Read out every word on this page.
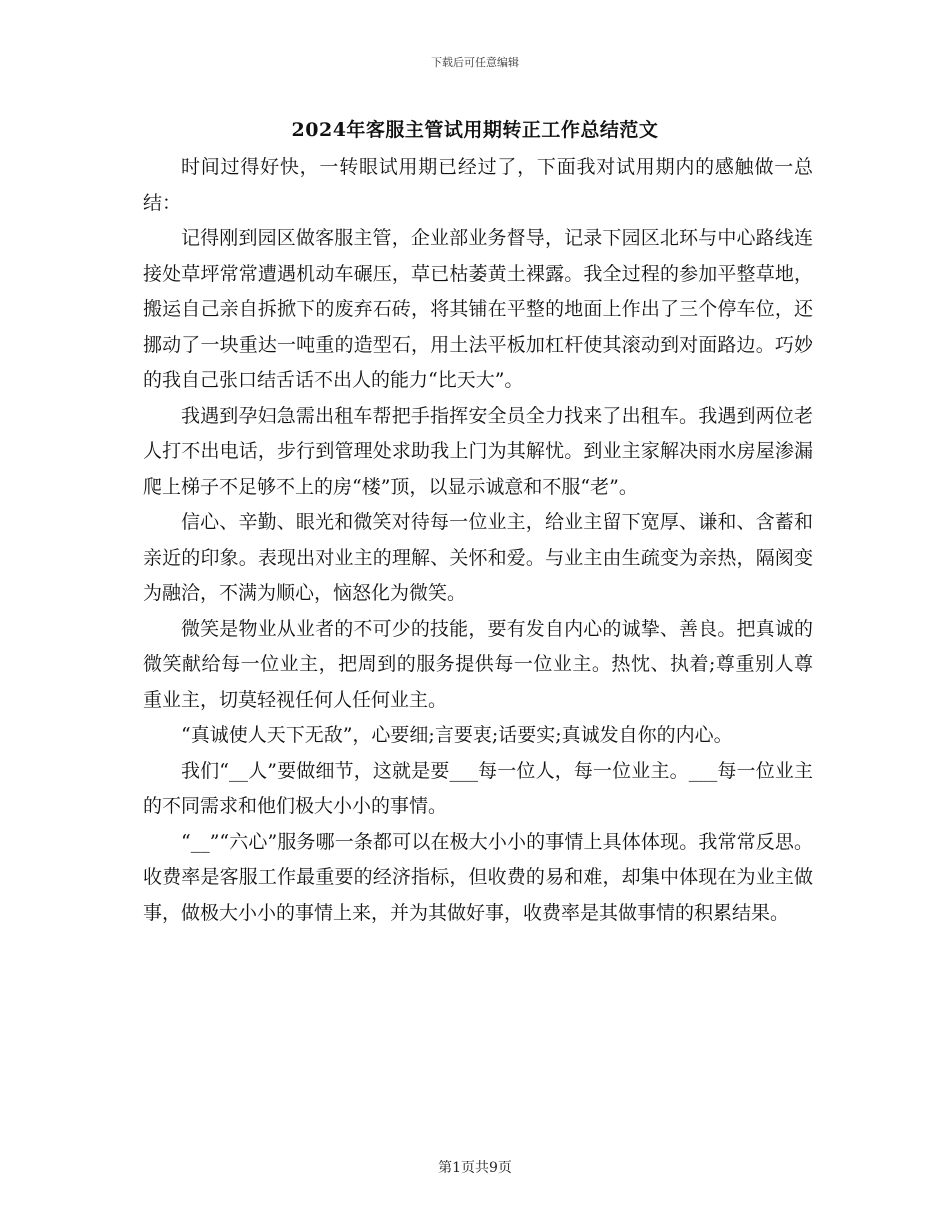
下载后可任意编辑
2024年客服主管试用期转正工作总结范文

时间过得好快，一转眼试用期已经过了，下面我对试用期内的感触做一总结：

记得刚到园区做客服主管，企业部业务督导，记录下园区北环与中心路线连接处草坪常常遭遇机动车碾压，草已枯萎黄土裸露。我全过程的参加平整草地，搬运自己亲自拆掀下的废弃石砖，将其铺在平整的地面上作出了三个停车位，还挪动了一块重达一吨重的造型石，用土法平板加杠杆使其滚动到对面路边。巧妙的我自己张口结舌话不出人的能力“比天大”。

我遇到孕妇急需出租车帮把手指挥安全员全力找来了出租车。我遇到两位老人打不出电话，步行到管理处求助我上门为其解忧。到业主家解决雨水房屋渗漏爬上梯子不足够不上的房“楼”顶，以显示诚意和不服“老”。

信心、辛勤、眼光和微笑对待每一位业主，给业主留下宽厚、谦和、含蓄和亲近的印象。表现出对业主的理解、关怀和爱。与业主由生疏变为亲热，隔阂变为融洽，不满为顺心，恼怒化为微笑。

微笑是物业从业者的不可少的技能，要有发自内心的诚挚、善良。把真诚的微笑献给每一位业主，把周到的服务提供每一位业主。热忱、执着;尊重别人尊重业主，切莫轻视任何人任何业主。

“真诚使人天下无敌”，心要细;言要衷;话要实;真诚发自你的内心。

我们“__人”要做细节，这就是要___每一位人，每一位业主。___每一位业主的不同需求和他们极大小小的事情。

“__”“六心”服务哪一条都可以在极大小小的事情上具体体现。我常常反思。收费率是客服工作最重要的经济指标，但收费的易和难，却集中体现在为业主做事，做极大小小的事情上来，并为其做好事，收费率是其做事情的积累结果。

第1页共9页
